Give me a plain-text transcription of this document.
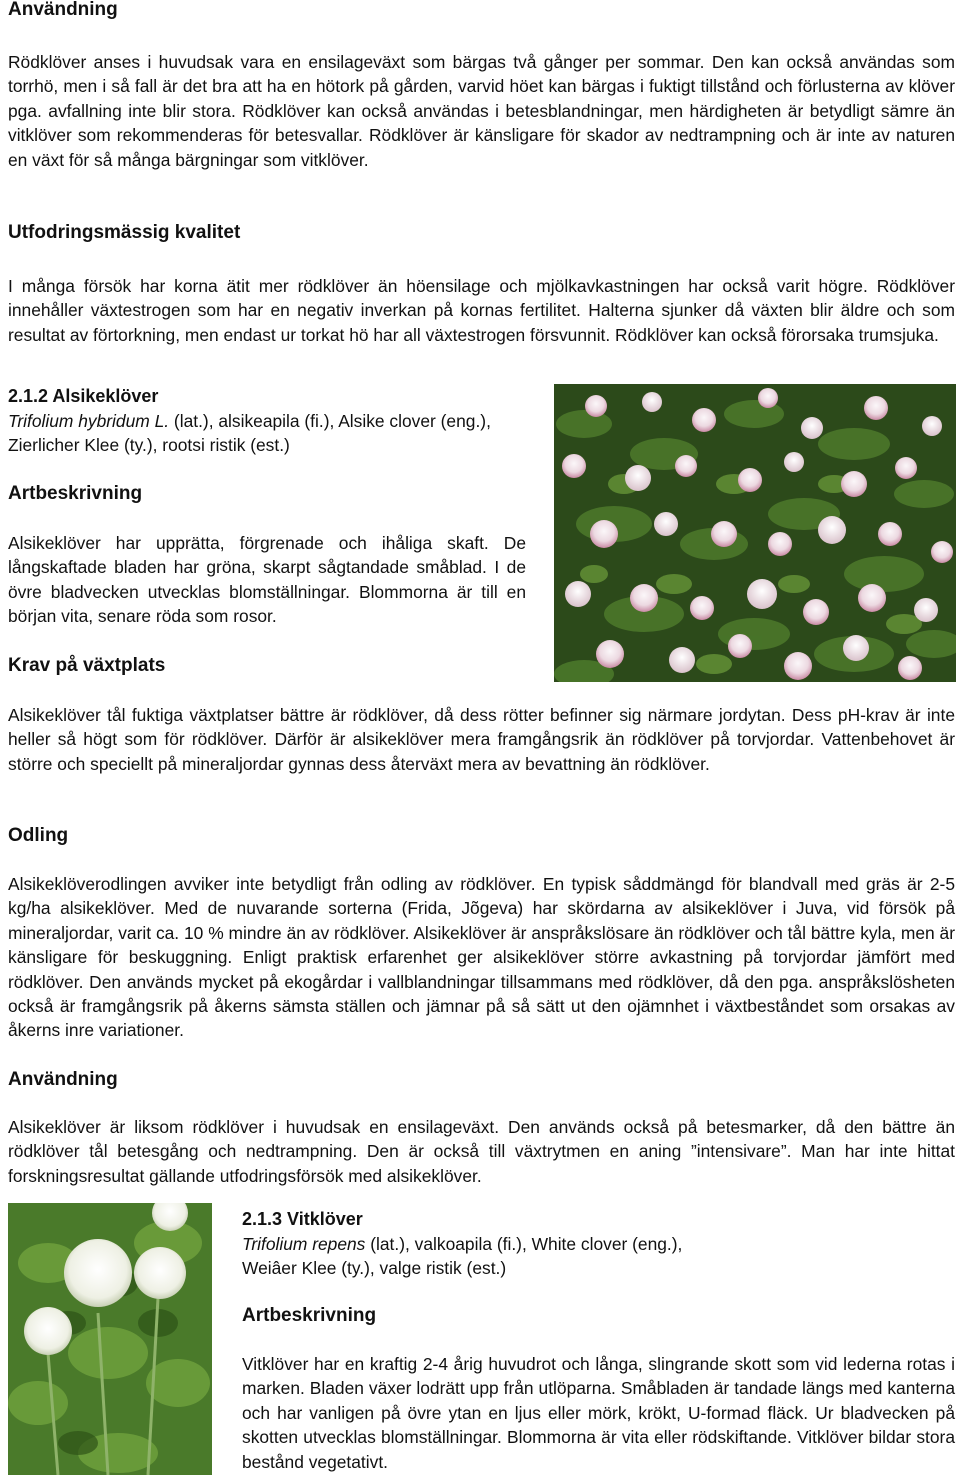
Användning

Rödklöver anses i huvudsak vara en ensilageväxt som bärgas två gånger per sommar. Den kan också användas som torrhö, men i så fall är det bra att ha en hötork på gården, varvid höet kan bärgas i fuktigt tillstånd och förlusterna av klöver pga. avfallning inte blir stora. Rödklöver kan också användas i betesblandningar, men härdigheten är betydligt sämre än vitklöver som rekommenderas för betesvallar. Rödklöver är känsligare för skador av nedtrampning och är inte av naturen en växt för så många bärgningar som vitklöver.

Utfodringsmässig kvalitet

I många försök har korna ätit mer rödklöver än höensilage och mjölkavkastningen har också varit högre. Rödklöver innehåller växtestrogen som har en negativ inverkan på kornas fertilitet. Halterna sjunker då växten blir äldre och som resultat av förtorkning, men endast ur torkat hö har all växtestrogen försvunnit. Rödklöver kan också förorsaka trumsjuka.

2.1.2 Alsikeklöver

Trifolium hybridum L. (lat.), alsikeapila (fi.), Alsike clover (eng.), Zierlicher Klee (ty.), rootsi ristik (est.)

Artbeskrivning

Alsikeklöver har upprätta, förgrenade och ihåliga skaft. De långskaftade bladen har gröna, skarpt sågtandade småblad. I de övre bladvecken utvecklas blomställningar. Blommorna är till en början vita, senare röda som rosor.

Krav på växtplats

Alsikeklöver tål fuktiga växtplatser bättre är rödklöver, då dess rötter befinner sig närmare jordytan. Dess pH-krav är inte heller så högt som för rödklöver. Därför är alsikeklöver mera framgångsrik än rödklöver på torvjordar. Vattenbehovet är större och speciellt på mineraljordar gynnas dess återväxt mera av bevattning än rödklöver.

Odling

Alsikeklöverodlingen avviker inte betydligt från odling av rödklöver. En typisk såddmängd för blandvall med gräs är 2-5 kg/ha alsikeklöver. Med de nuvarande sorterna (Frida, Jõgeva) har skördarna av alsikeklöver i Juva, vid försök på mineraljordar, varit ca. 10 % mindre än av rödklöver. Alsikeklöver är anspråkslösare än rödklöver och tål bättre kyla, men är känsligare för beskuggning. Enligt praktisk erfarenhet ger alsikeklöver större avkastning på torvjordar jämfört med rödklöver. Den används mycket på ekogårdar i vallblandningar tillsammans med rödklöver, då den pga. anspråkslösheten också är framgångsrik på åkerns sämsta ställen och jämnar på så sätt ut den ojämnhet i växtbeståndet som orsakas av åkerns inre variationer.

Användning

Alsikeklöver är liksom rödklöver i huvudsak en ensilageväxt. Den används också på betesmarker, då den bättre än rödklöver tål betesgång och nedtrampning. Den är också till växtrytmen en aning ”intensivare”. Man har inte hittat forskningsresultat gällande utfodringsförsök med alsikeklöver.

2.1.3 Vitklöver

Trifolium repens (lat.), valkoapila (fi.), White clover (eng.),
Weiâer Klee (ty.), valge ristik (est.)

Artbeskrivning

Vitklöver har en kraftig 2-4 årig huvudrot och långa, slingrande skott som vid lederna rotas i marken. Bladen växer lodrätt upp från utlöparna. Småbladen är tandade längs med kanterna och har vanligen på övre ytan en ljus eller mörk, krökt, U-formad fläck. Ur bladvecken på skotten utvecklas blomställningar. Blommorna är vita eller rödskiftande. Vitklöver bildar stora bestånd vegetativt.
